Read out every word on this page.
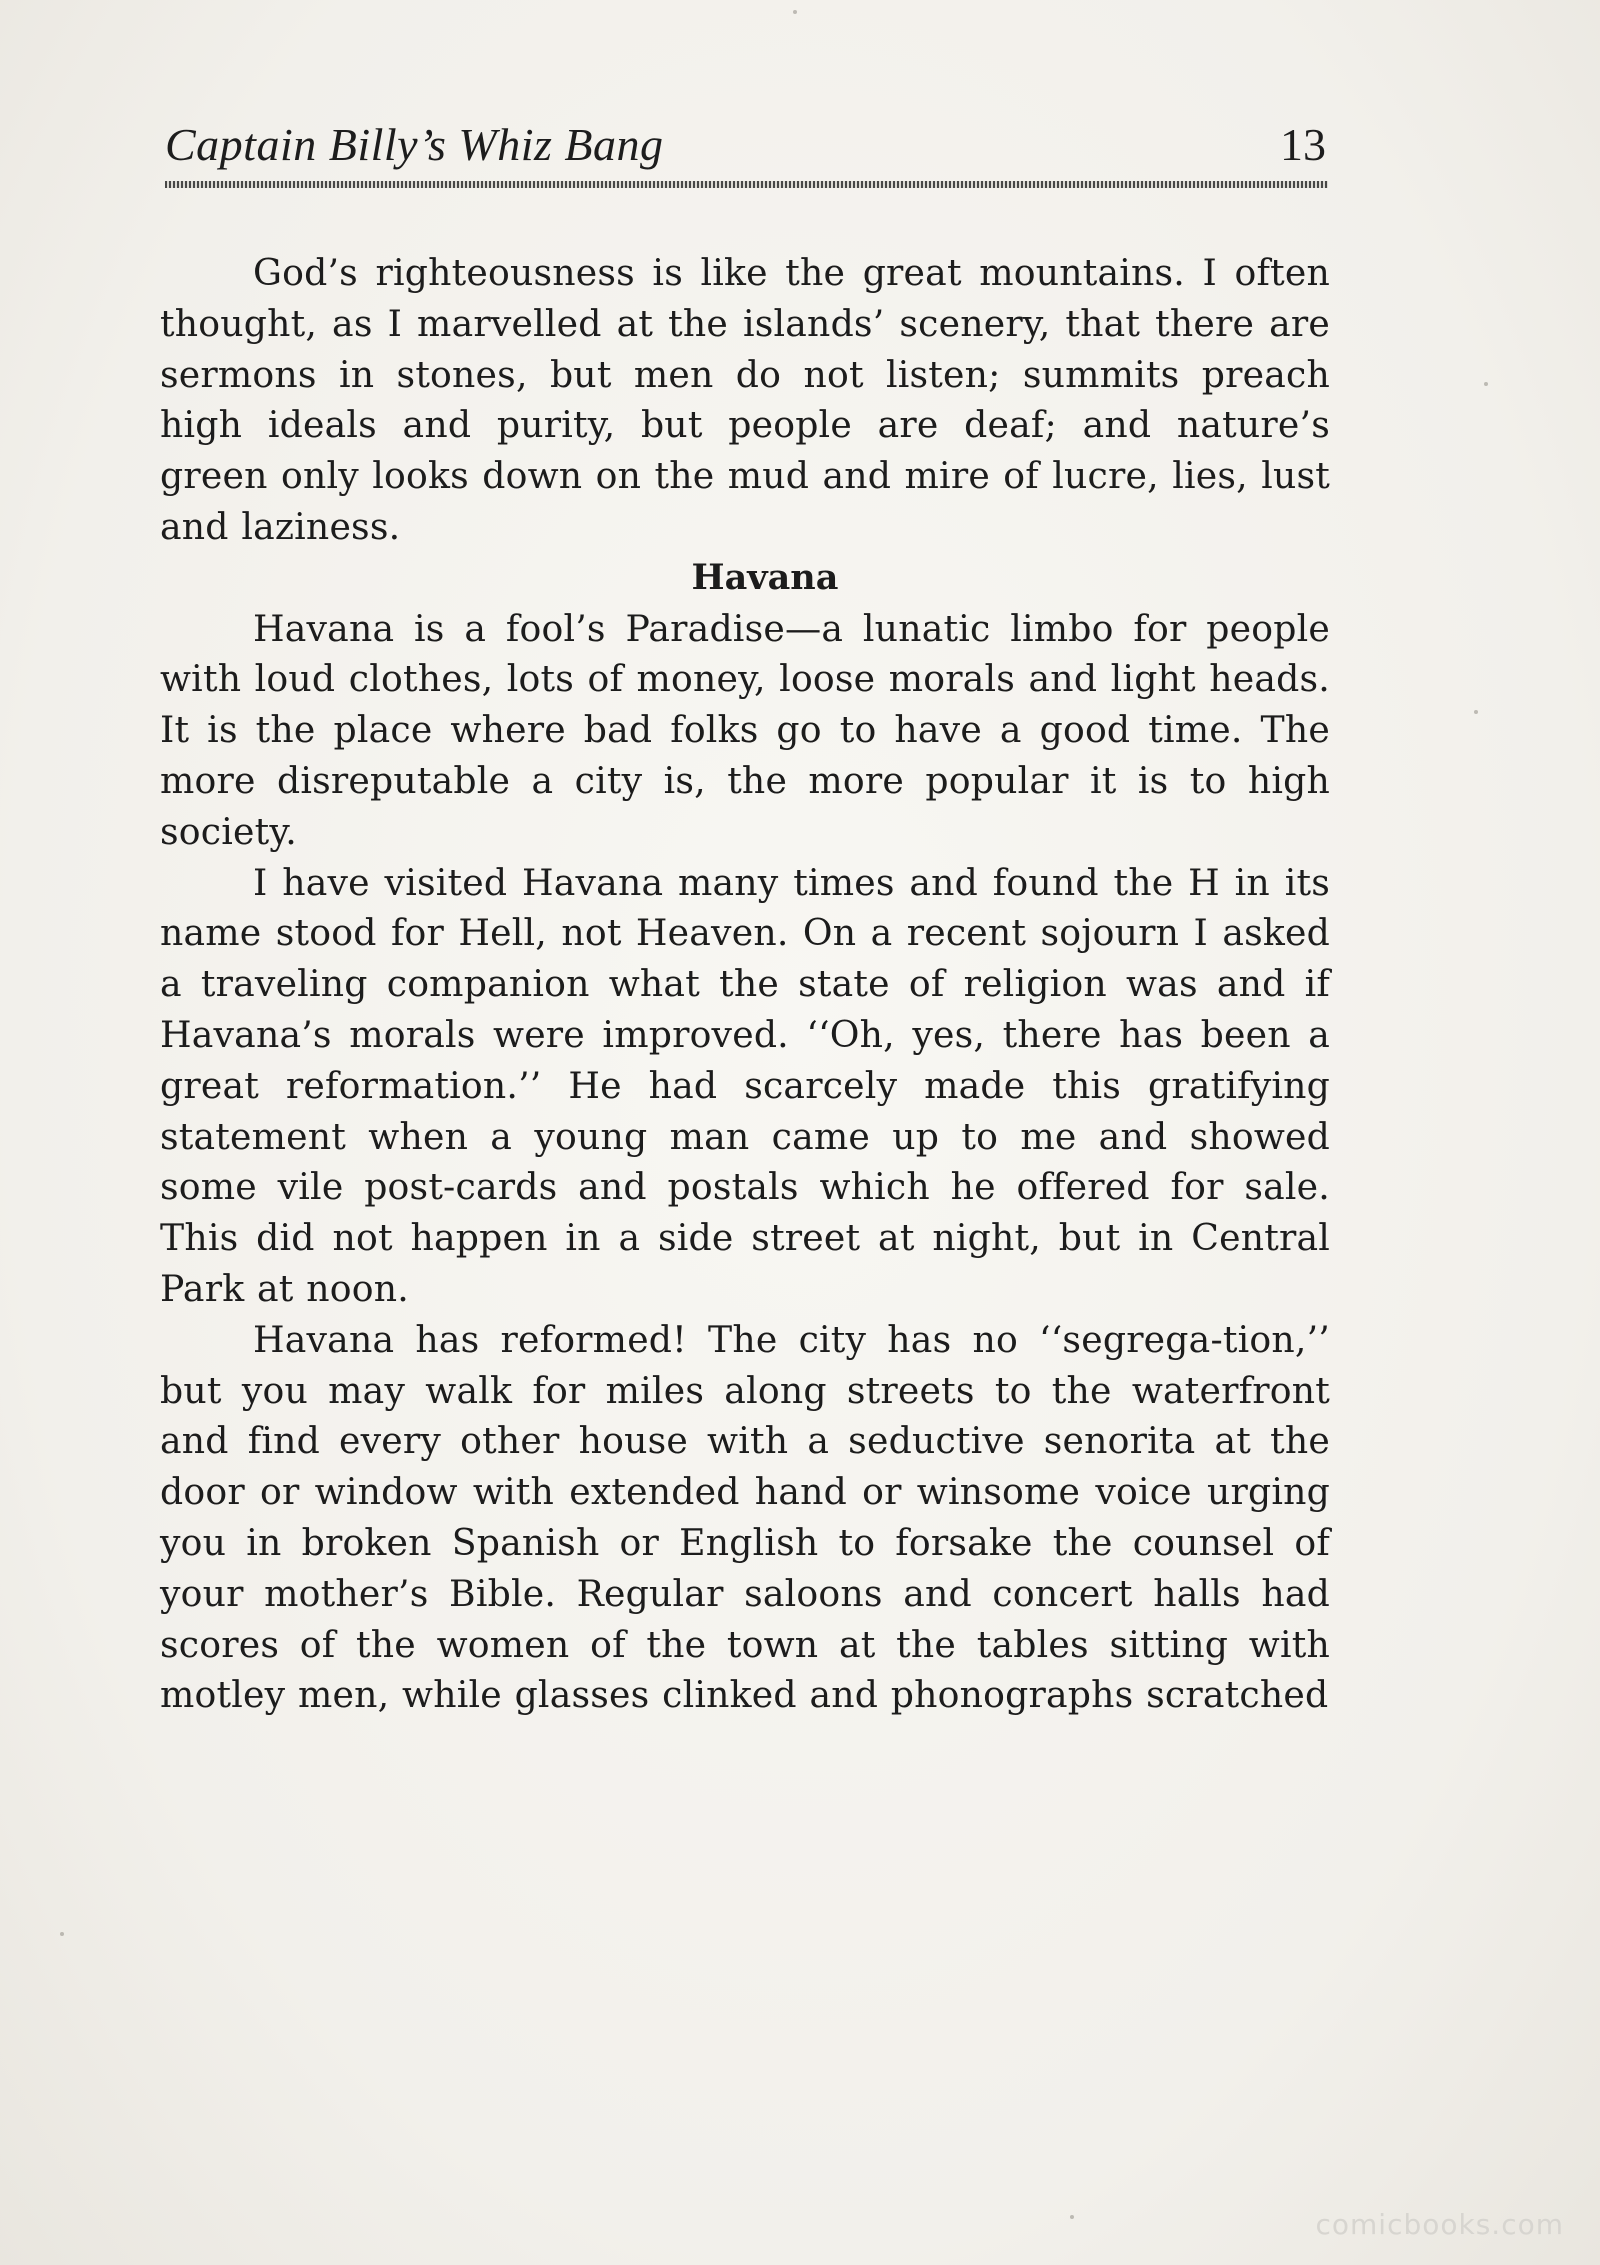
Captain Billy’s Whiz Bang	13

God’s righteousness is like the great mountains. I often thought, as I marvelled at the islands’ scenery, that there are sermons in stones, but men do not listen; summits preach high ideals and purity, but people are deaf; and nature’s green only looks down on the mud and mire of lucre, lies, lust and laziness.

Havana

Havana is a fool’s Paradise—a lunatic limbo for people with loud clothes, lots of money, loose morals and light heads. It is the place where bad folks go to have a good time. The more disreputable a city is, the more popular it is to high society.

I have visited Havana many times and found the H in its name stood for Hell, not Heaven. On a recent sojourn I asked a traveling companion what the state of religion was and if Havana’s morals were improved. ‘‘Oh, yes, there has been a great reformation.’’ He had scarcely made this gratifying statement when a young man came up to me and showed some vile post-cards and postals which he offered for sale. This did not happen in a side street at night, but in Central Park at noon.

Havana has reformed! The city has no ‘‘segrega-tion,’’ but you may walk for miles along streets to the waterfront and find every other house with a seductive senorita at the door or window with extended hand or winsome voice urging you in broken Spanish or English to forsake the counsel of your mother’s Bible. Regular saloons and concert halls had scores of the women of the town at the tables sitting with motley men, while glasses clinked and phonographs scratched

comicbooks.com
